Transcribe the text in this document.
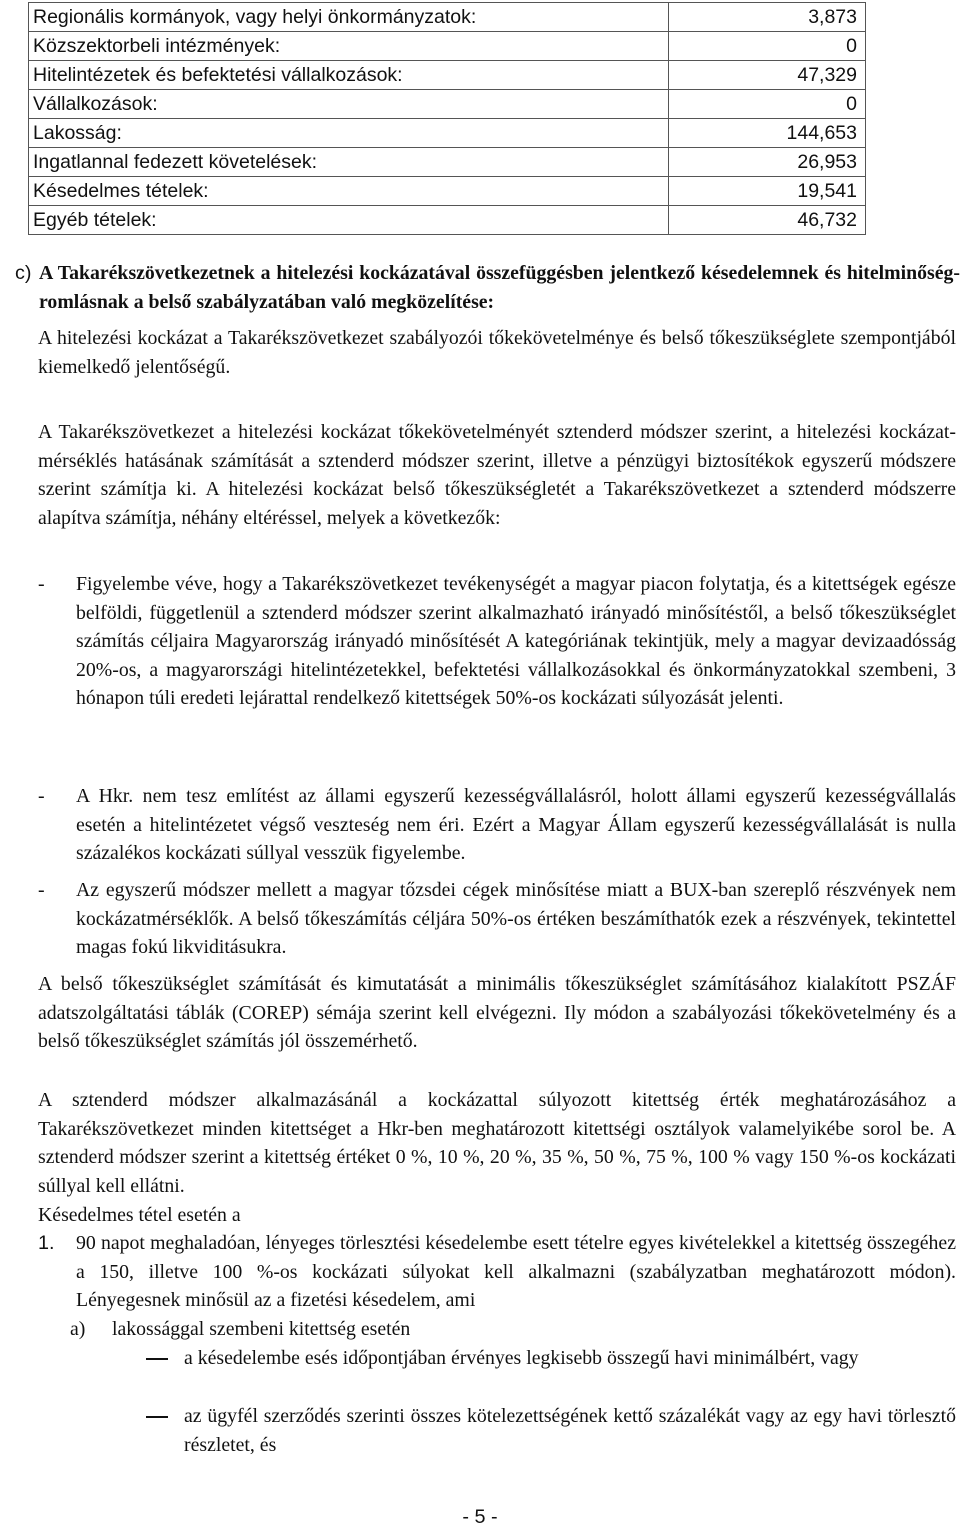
Regionális kormányok, vagy helyi önkormányzatok:	3,873
Közszektorbeli intézmények:	0
Hitelintézetek és befektetési vállalkozások:	47,329
Vállalkozások:	0
Lakosság:	144,653
Ingatlannal fedezett követelések:	26,953
Késedelmes tételek:	19,541
Egyéb tételek:	46,732
c) A Takarékszövetkezetnek a hitelezési kockázatával összefüggésben jelentkező késedelemnek és hitelminőség-romlásnak a belső szabályzatában való megközelítése:

A hitelezési kockázat a Takarékszövetkezet szabályozói tőkekövetelménye és belső tőkeszükséglete szempontjából kiemelkedő jelentőségű.

A Takarékszövetkezet a hitelezési kockázat tőkekövetelményét sztenderd módszer szerint, a hitelezési kockázat-mérséklés hatásának számítását a sztenderd módszer szerint, illetve a pénzügyi biztosítékok egyszerű módszere szerint számítja ki. A hitelezési kockázat belső tőkeszükségletét a Takarékszövetkezet a sztenderd módszerre alapítva számítja, néhány eltéréssel, melyek a következők:

- Figyelembe véve, hogy a Takarékszövetkezet tevékenységét a magyar piacon folytatja, és a kitettségek egésze belföldi, függetlenül a sztenderd módszer szerint alkalmazható irányadó minősítéstől, a belső tőkeszükséglet számítás céljaira Magyarország irányadó minősítését A kategóriának tekintjük, mely a magyar devizaadósság 20%-os, a magyarországi hitelintézetekkel, befektetési vállalkozásokkal és önkormányzatokkal szembeni, 3 hónapon túli eredeti lejárattal rendelkező kitettségek 50%-os kockázati súlyozását jelenti.
- A Hkr. nem tesz említést az állami egyszerű kezességvállalásról, holott állami egyszerű kezességvállalás esetén a hitelintézetet végső veszteség nem éri. Ezért a Magyar Állam egyszerű kezességvállalását is nulla százalékos kockázati súllyal vesszük figyelembe.
- Az egyszerű módszer mellett a magyar tőzsdei cégek minősítése miatt a BUX-ban szereplő részvények nem kockázatmérséklők. A belső tőkeszámítás céljára 50%-os értéken beszámíthatók ezek a részvények, tekintettel magas fokú likviditásukra.

A belső tőkeszükséglet számítását és kimutatását a minimális tőkeszükséglet számításához kialakított PSZÁF adatszolgáltatási táblák (COREP) sémája szerint kell elvégezni. Ily módon a szabályozási tőkekövetelmény és a belső tőkeszükséglet számítás jól összemérhető.

A sztenderd módszer alkalmazásánál a kockázattal súlyozott kitettség érték meghatározásához a Takarékszövetkezet minden kitettséget a Hkr-ben meghatározott kitettségi osztályok valamelyikébe sorol be. A sztenderd módszer szerint a kitettség értéket 0 %, 10 %, 20 %, 35 %, 50 %, 75 %, 100 % vagy 150 %-os kockázati súllyal kell ellátni.

Késedelmes tétel esetén a

1. 90 napot meghaladóan, lényeges törlesztési késedelembe esett tételre egyes kivételekkel a kitettség összegéhez a 150, illetve 100 %-os kockázati súlyokat kell alkalmazni (szabályzatban meghatározott módon). Lényegesnek minősül az a fizetési késedelem, ami
a) lakossággal szembeni kitettség esetén
a késedelembe esés időpontjában érvényes legkisebb összegű havi minimálbért, vagy
az ügyfél szerződés szerinti összes kötelezettségének kettő százalékát vagy az egy havi törlesztő részletet, és
- 5 -
